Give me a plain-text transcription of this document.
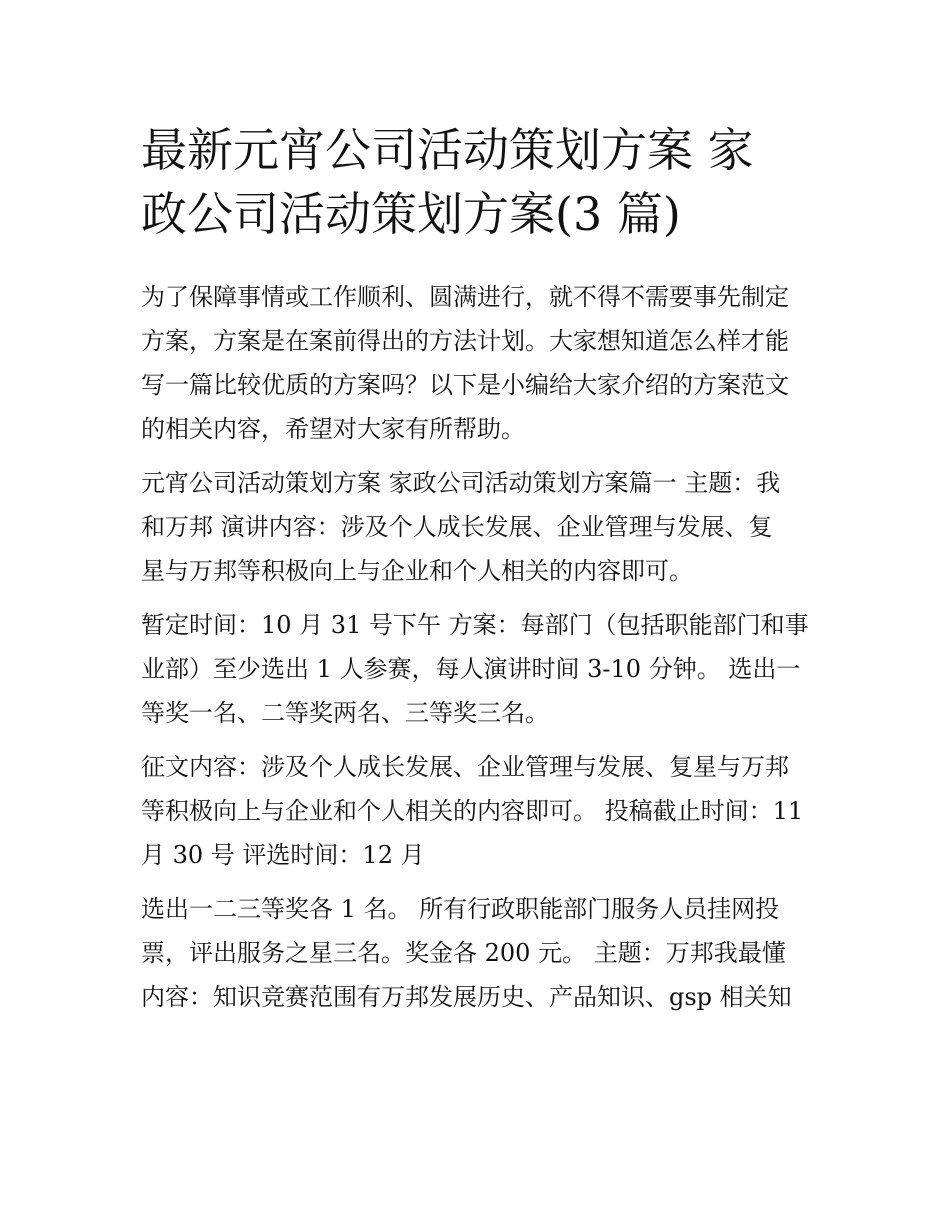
最新元宵公司活动策划方案 家
政公司活动策划方案(3 篇)

为了保障事情或工作顺利、圆满进行，就不得不需要事先制定
方案，方案是在案前得出的方法计划。大家想知道怎么样才能
写一篇比较优质的方案吗？以下是小编给大家介绍的方案范文
的相关内容，希望对大家有所帮助。

元宵公司活动策划方案 家政公司活动策划方案篇一 主题：我
和万邦 演讲内容：涉及个人成长发展、企业管理与发展、复
星与万邦等积极向上与企业和个人相关的内容即可。

暂定时间：10 月 31 号下午 方案：每部门（包括职能部门和事
业部）至少选出 1 人参赛，每人演讲时间 3-10 分钟。 选出一
等奖一名、二等奖两名、三等奖三名。

征文内容：涉及个人成长发展、企业管理与发展、复星与万邦
等积极向上与企业和个人相关的内容即可。 投稿截止时间：11
月 30 号 评选时间：12 月

选出一二三等奖各 1 名。 所有行政职能部门服务人员挂网投
票，评出服务之星三名。奖金各 200 元。 主题：万邦我最懂
内容：知识竞赛范围有万邦发展历史、产品知识、gsp 相关知
